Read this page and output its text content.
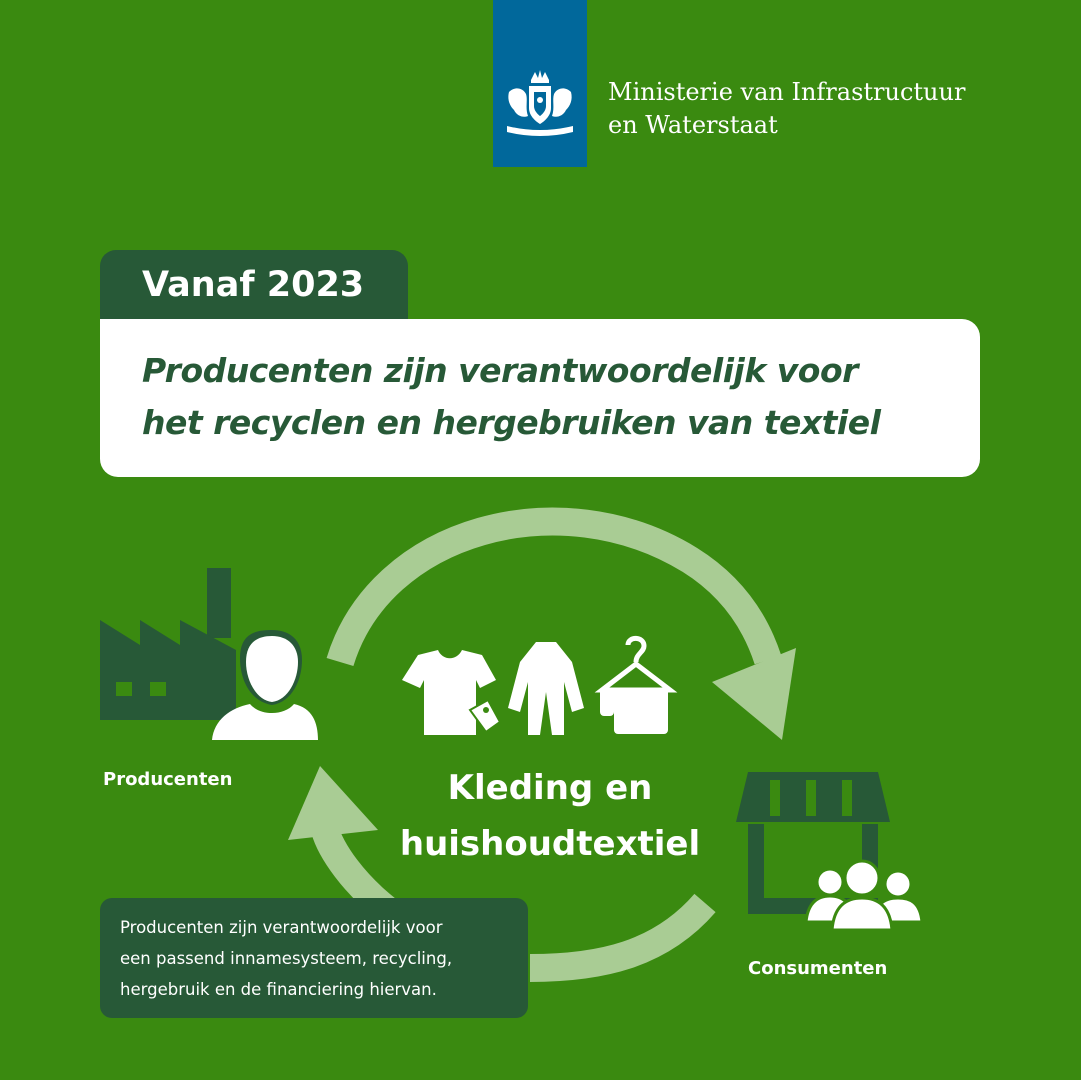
Ministerie van Infrastructuur
en Waterstaat
Vanaf 2023
Producenten zijn verantwoordelijk voor
het recyclen en hergebruiken van textiel
Producenten
Consumenten
Kleding en
huishoudtextiel

Producenten zijn verantwoordelijk voor
een passend innamesysteem, recycling,
hergebruik en de financiering hiervan.
